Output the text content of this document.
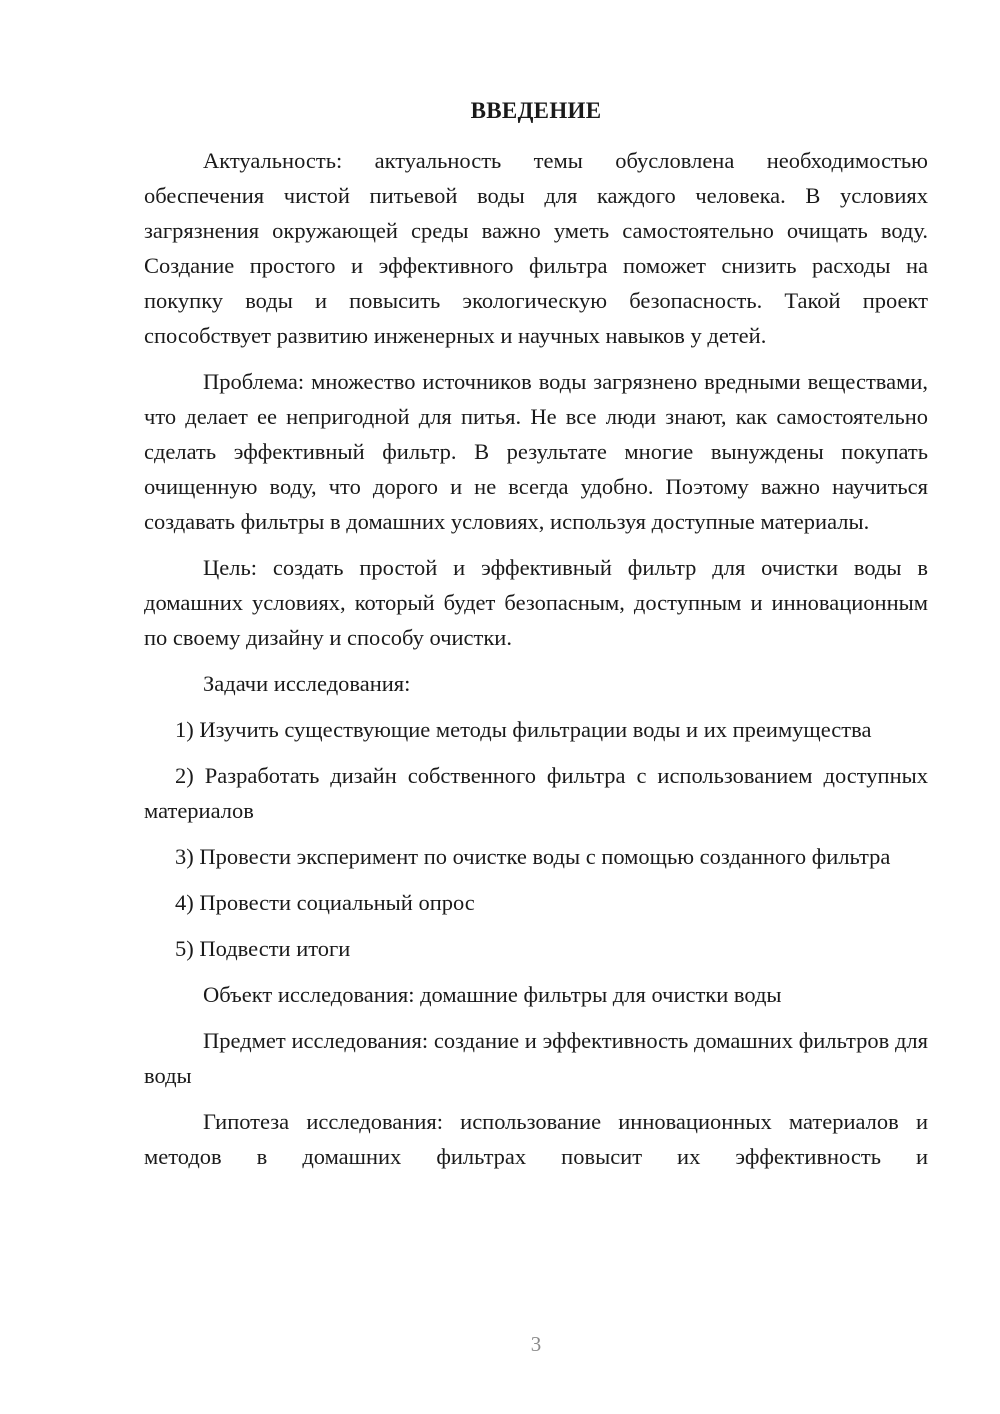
ВВЕДЕНИЕ

Актуальность: актуальность темы обусловлена необходимостью обеспечения чистой питьевой воды для каждого человека. В условиях загрязнения окружающей среды важно уметь самостоятельно очищать воду. Создание простого и эффективного фильтра поможет снизить расходы на покупку воды и повысить экологическую безопасность. Такой проект способствует развитию инженерных и научных навыков у детей.

Проблема: множество источников воды загрязнено вредными веществами, что делает ее непригодной для питья. Не все люди знают, как самостоятельно сделать эффективный фильтр. В результате многие вынуждены покупать очищенную воду, что дорого и не всегда удобно. Поэтому важно научиться создавать фильтры в домашних условиях, используя доступные материалы.

Цель: создать простой и эффективный фильтр для очистки воды в домашних условиях, который будет безопасным, доступным и инновационным по своему дизайну и способу очистки.

Задачи исследования:

1) Изучить существующие методы фильтрации воды и их преимущества

2) Разработать дизайн собственного фильтра с использованием доступных материалов

3) Провести эксперимент по очистке воды с помощью созданного фильтра

4) Провести социальный опрос

5) Подвести итоги

Объект исследования: домашние фильтры для очистки воды

Предмет исследования: создание и эффективность домашних фильтров для воды

Гипотеза исследования: использование инновационных материалов и методов в домашних фильтрах повысит их эффективность и

3
